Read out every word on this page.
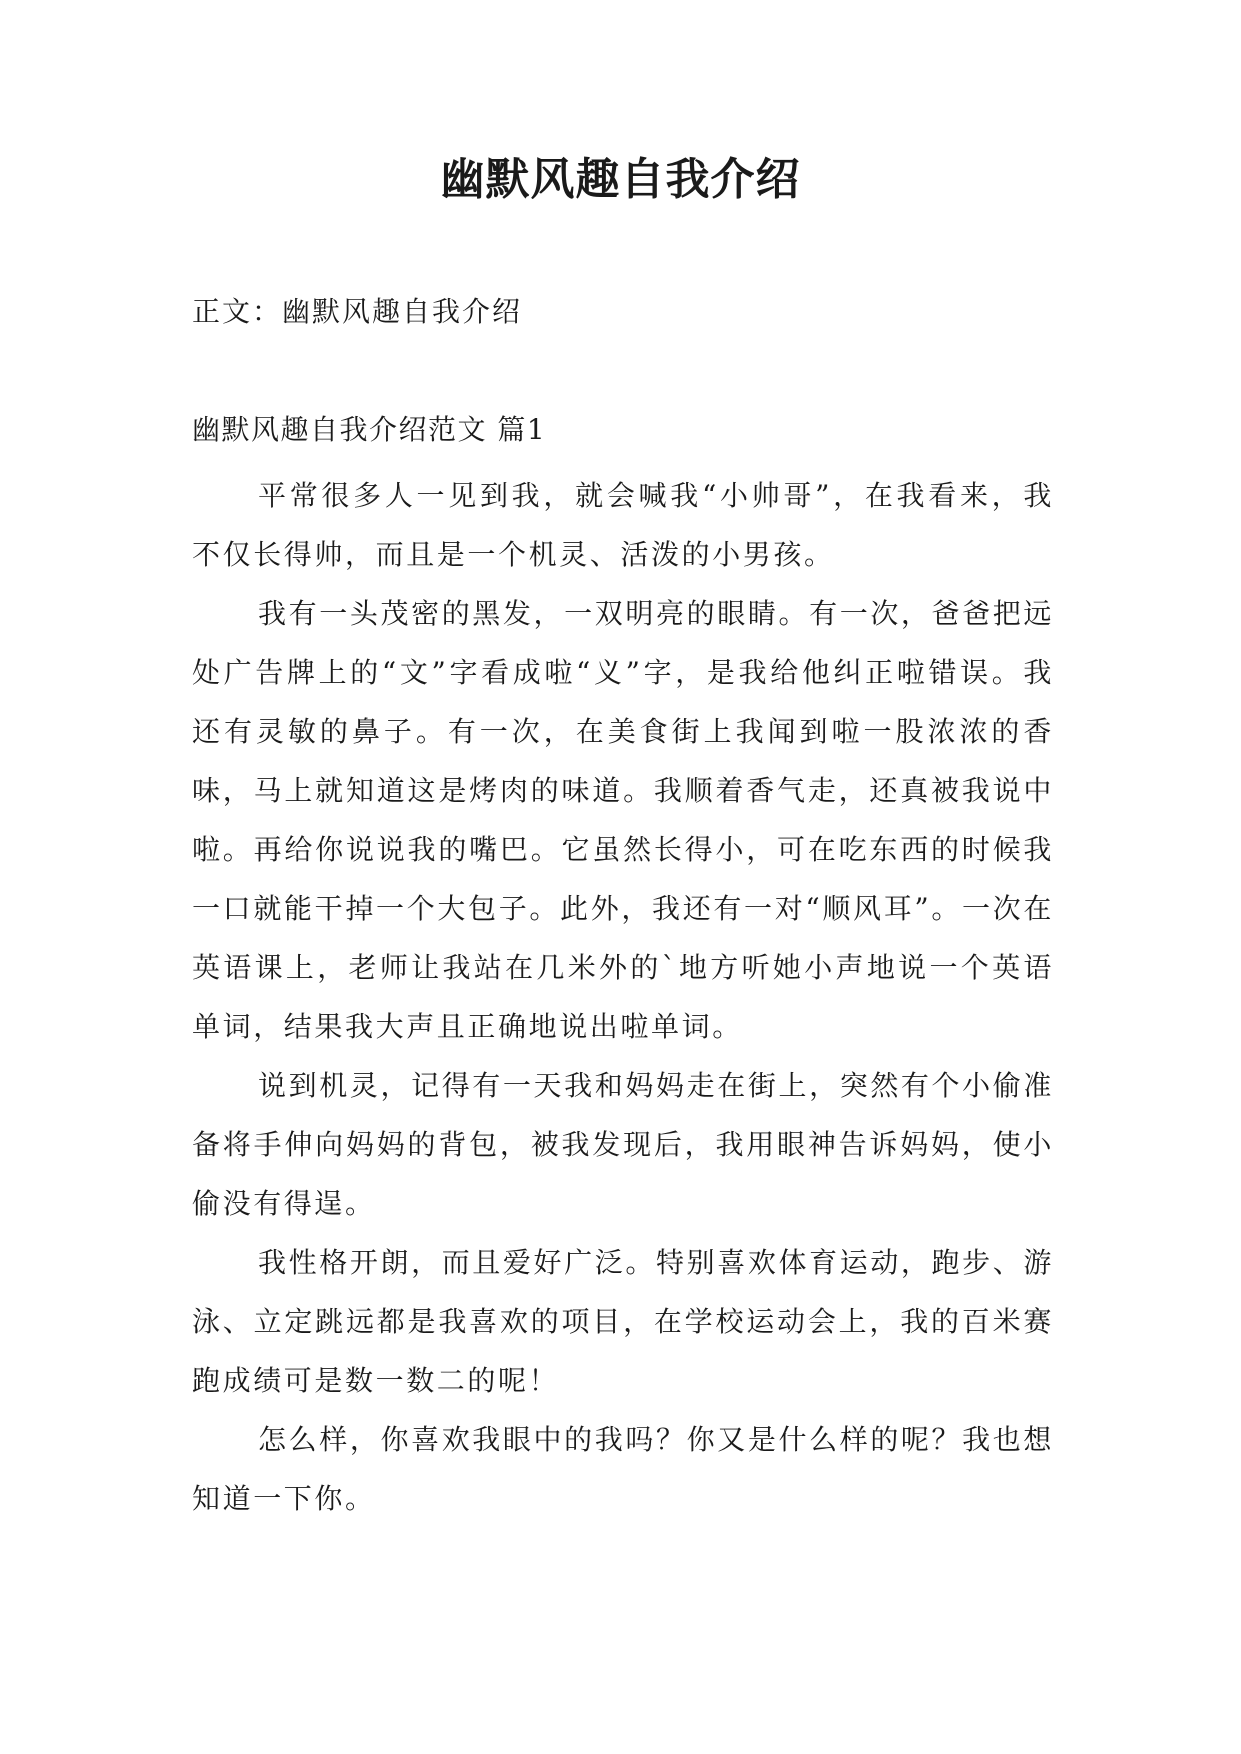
幽默风趣自我介绍

正文：幽默风趣自我介绍

幽默风趣自我介绍范文 篇1

平常很多人一见到我，就会喊我“小帅哥”，在我看来，我不仅长得帅，而且是一个机灵、活泼的小男孩。

我有一头茂密的黑发，一双明亮的眼睛。有一次，爸爸把远处广告牌上的“文”字看成啦“义”字，是我给他纠正啦错误。我还有灵敏的鼻子。有一次，在美食街上我闻到啦一股浓浓的香味，马上就知道这是烤肉的味道。我顺着香气走，还真被我说中啦。再给你说说我的嘴巴。它虽然长得小，可在吃东西的时候我一口就能干掉一个大包子。此外，我还有一对“顺风耳”。一次在英语课上，老师让我站在几米外的`地方听她小声地说一个英语单词，结果我大声且正确地说出啦单词。

说到机灵，记得有一天我和妈妈走在街上，突然有个小偷准备将手伸向妈妈的背包，被我发现后，我用眼神告诉妈妈，使小偷没有得逞。

我性格开朗，而且爱好广泛。特别喜欢体育运动，跑步、游泳、立定跳远都是我喜欢的项目，在学校运动会上，我的百米赛跑成绩可是数一数二的呢！

怎么样，你喜欢我眼中的我吗？你又是什么样的呢？我也想知道一下你。
